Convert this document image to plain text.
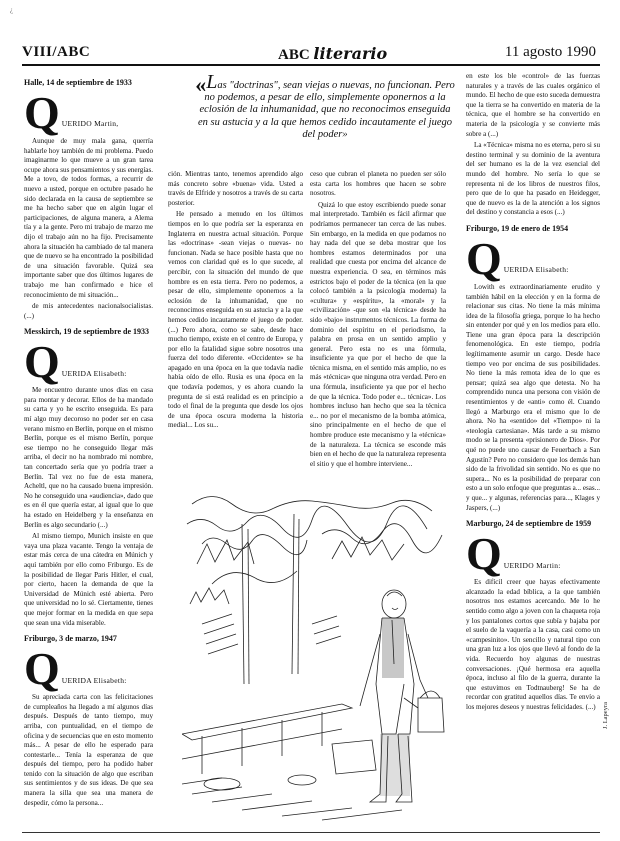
¿
VIII/ABC	ABC literario	11 agosto 1990
Halle, 14 de septiembre de 1933
Q UERIDO Martin,

Aunque de muy mala gana, querría hablarle hoy también de mi problema. Puedo imaginarme lo que mueve a un gran tarea ocupe ahora sus pensamientos y sus energías. Me a tovo, de todos formas, a recurrir de nuevo a usted, porque en octubre pasado he sido declarada en la causa de septiembre se me ha hecho saber que en algún lugar el participaciones, de alguna manera, a Alema tía y a la gente. Pero mi trabajo de marzo me dijo el trabajo aún no ha fijo. Precisamente ahora la situación ha cambiado de tal manera que de nuevo se ha encontrado la posibilidad de una situación favorable. Quizá sea importante saber que dos últimos lugares de trabajo me han confirmado e hice el reconocimiento de mi situación...

de mis antecedentes nacionalsocialistas. (...)

Messkirch, 19 de septiembre de 1933
Q UERIDA Elisabeth:

Me encuentro durante unos días en casa para montar y decorar. Ellos de ha mandado su carta y yo he escrito enseguida. Es para mí algo muy decoroso no poder ser en casa verano mismo en Berlín, porque en el mismo Berlín, porque es el mismo Berlín, porque ese tiempo no he conseguido llegar más arriba, el decir no ha nombrado mi nombre, tan concertado sería que yo podría traer a Berlín. Tal vez no fue de esta manera, Acheltl, que no ha causado buena impresión. No he conseguido una «audiencia», dado que es en él que quería estar, al igual que lo que ha estado en Heidelberg y la enseñanza en Berlín es algo secundario (...)

Al mismo tiempo, Munich insiste en que vaya una plaza vacante. Tengo la ventaja de estar más cerca de una cátedra en Múnich y aquí también por ello como Friburgo. Es de la posibilidad de llegar Paris Hitler, el cual, por cierto, hacen la demanda de que la Universidad de Múnich esté abierta. Pero que universidad no lo sé. Ciertamente, tienes que mejor formar en la medida en que sepa que sean una vida miserable.

Friburgo, 3 de marzo, 1947
Q UERIDA Elisabeth:

Su apreciada carta con las felicitaciones de cumpleaños ha llegado a mí algunos días después. Después de tanto tiempo, muy arriba, con puntualidad, en el tiempo de oficina y de secuencias que en esto momento más... A pesar de ello he esperado para contestarle... Tenía la esperanza de que después del tiempo, pero ha podido haber tenido con la situación de algo que escriban sus sentimientos y de sus ideas. De que sea manera la silla que sea una manera de despedir, cómo la persona...

«Las "doctrinas", sean viejas o nuevas, no funcionan. Pero no podemos, a pesar de ello, simplemente oponernos a la eclosión de la inhumanidad, que no reconocimos enseguida en su astucia y a la que hemos cedido incautamente el juego del poder»

ción. Mientras tanto, tenemos aprendido algo más concreto sobre «buena» vida. Usted a través de Elfride y nosotros a través de su carta posterior.

He pensado a menudo en los últimos tiempos en lo que podría ser la esperanza en Inglaterra en nuestra actual situación. Porque las «doctrinas» -sean viejas o nuevas- no funcionan. Nada se hace posible hasta que no vemos con claridad qué es lo que sucede, al percibir, con la situación del mundo de que hombre es en esta tierra. Pero no podemos, a pesar de ello, simplemente oponernos a la eclosión de la inhumanidad, que no reconocimos enseguida en su astucia y a la que hemos cedido incautamente el juego de poder. (...) Pero ahora, como se sabe, desde hace mucho tiempo, existe en el centro de Europa, y por ello la fatalidad sigue sobre nosotros una fuerza del todo diferente. «Occidente» se ha apagado en una época en la que todavía nadie había oído de ello. Rusia es una época en la que todavía podemos, y es ahora cuando la pregunta de si está realidad es en principio a todo el final de la pregunta que desde los ojos de una época oscura moderna la historia medial... Los su...

ceso que cubran el planeta no pueden ser sólo esta carta los hombres que hacen se sobre nosotros.

Quizá lo que estoy escribiendo puede sonar mal interpretado. También es fácil afirmar que podríamos permanecer tan cerca de las nubes. Sin embargo, en la medida en que podamos no hay nada del que se deba mostrar que los hombres estamos determinados por una realidad que cuesta por encima del alcance de nuestra experiencia. O sea, en términos más estrictos bajo el poder de la técnica (en la que colocó también a la psicología moderna) la «cultura» y «espíritu», la «moral» y la «civilización» -que son «la técnica» desde ha sido «bajo» instrumentos técnicos. La forma de dominio del espíritu en el periodismo, la palabra en prosa en un sentido amplio y general. Pero esta no es una fórmula, insuficiente ya que por el hecho de que la técnica misma, en el sentido más amplio, no es más «técnica» que ninguna otra verdad. Pero en una fórmula, insuficiente ya que por el hecho de que la técnica. Todo poder e... técnica». Los hombres incluso han hecho que sea la técnica e... no por el mecanismo de la bomba atómica, sino principalmente en el hecho de que el hombre produce este mecanismo y la «técnica» de la naturaleza. La técnica se esconde más bien en el hecho de que la naturaleza representa el sitio y que el hombre interviene...

en este los ble «control» de las fuerzas naturales y a través de las cuales orgánico el mundo. El hecho de que esto suceda demuestra que la tierra se ha convertido en materia de la técnica, que el hombre se ha convertido en materia de la psicología y se convierte más sobre a (...)

La «Técnica» misma no es eterna, pero si su destino terminal y su dominio de la aventura del ser humano es la de la vez esencial del mundo del hombre. No sería lo que se representa ni de los libros de nuestros filos, pero que de lo que ha pasado en Heidegger, que de nuevo es la de la atención a los signos del destino y constancia a esos (...)

Friburgo, 19 de enero de 1954
Q UERIDA Elisabeth:

Lowith es extraordinariamente erudito y también hábil en la elección y en la forma de relacionar sus citas. No tiene la más mínima idea de la filosofía griega, porque lo ha hecho sin entender por qué y en los medios para ello. Tiene una gran época para la descripción fenomenológica. En este tiempo, podría legítimamente asumir un cargo. Desde hace tiempo veo por encima de sus posibilidades. No tiene la más remota idea de lo que es pensar; quizá sea algo que detesta. No ha comprendido nunca una persona con visión de resentimientos y de «anti» como él. Cuando llegó a Marburgo era el mismo que lo de ahora. No ha «sentido» del «Tiempo» ni la «teología cartesiana». Más tarde a su mismo modo se la presenta «prisionero de Dios». Por qué no puede uno causar de Feuerbach a San Agustín? Pero no considero que los demás han sido de la frivolidad sin sentido. No es que no supera... No es la posibilidad de preparar con esto a un solo enfoque que preguntas a... esas... y que... y algunas, referencias para..., Klages y Jaspers, (...)

Marburgo, 24 de septiembre de 1959
Q UERIDO Martin:

Es difícil creer que hayas efectivamente alcanzado la edad bíblica, a la que también nosotros nos estamos acercando. Me lo he sentido como algo a joven con la chaqueta roja y los pantalones cortos que subía y bajaba por el suelo de la vaquería a la casa, casi como un «campesinito». Un sencillo y natural tipo con una gran luz a los ojos que llevó al fondo de la vida. Recuerdo hoy algunas de nuestras conversaciones. ¡Qué hermosa era aquella época, incluso al filo de la guerra, durante la que estuvimos en Todtnauberg! Se ha de recordar con gratitud aquellos días. Te envío a los mejores deseos y nuestras felicidades. (...) J. Lapeyra
